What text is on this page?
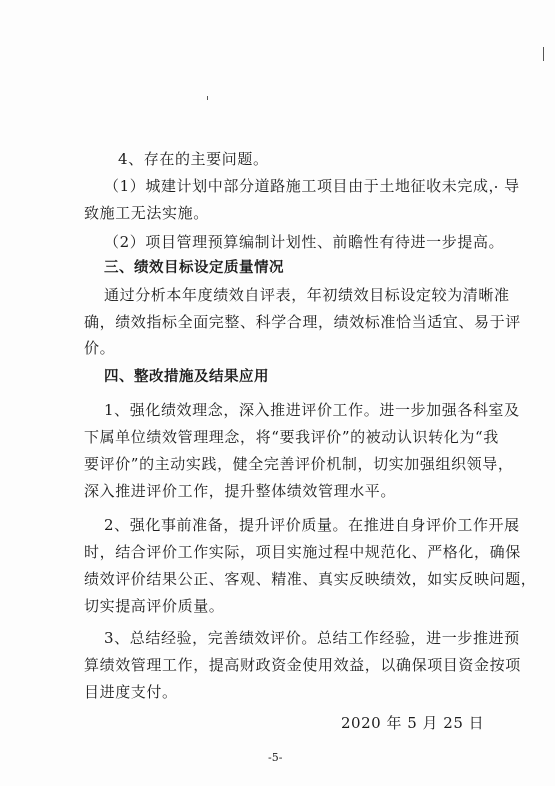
4、存在的主要问题。
（1）城建计划中部分道路施工项目由于土地征收未完成，导
致施工无法实施。
（2）项目管理预算编制计划性、前瞻性有待进一步提高。
三、绩效目标设定质量情况
通过分析本年度绩效自评表，年初绩效目标设定较为清晰准
确，绩效指标全面完整、科学合理，绩效标准恰当适宜、易于评
价。
四、整改措施及结果应用
1、强化绩效理念，深入推进评价工作。进一步加强各科室及
下属单位绩效管理理念，将“要我评价”的被动认识转化为“我
要评价”的主动实践，健全完善评价机制，切实加强组织领导，
深入推进评价工作，提升整体绩效管理水平。
2、强化事前准备，提升评价质量。在推进自身评价工作开展
时，结合评价工作实际，项目实施过程中规范化、严格化，确保
绩效评价结果公正、客观、精准、真实反映绩效，如实反映问题，
切实提高评价质量。
3、总结经验，完善绩效评价。总结工作经验，进一步推进预
算绩效管理工作，提高财政资金使用效益，以确保项目资金按项
目进度支付。
2020 年 5 月 25 日
-5-
